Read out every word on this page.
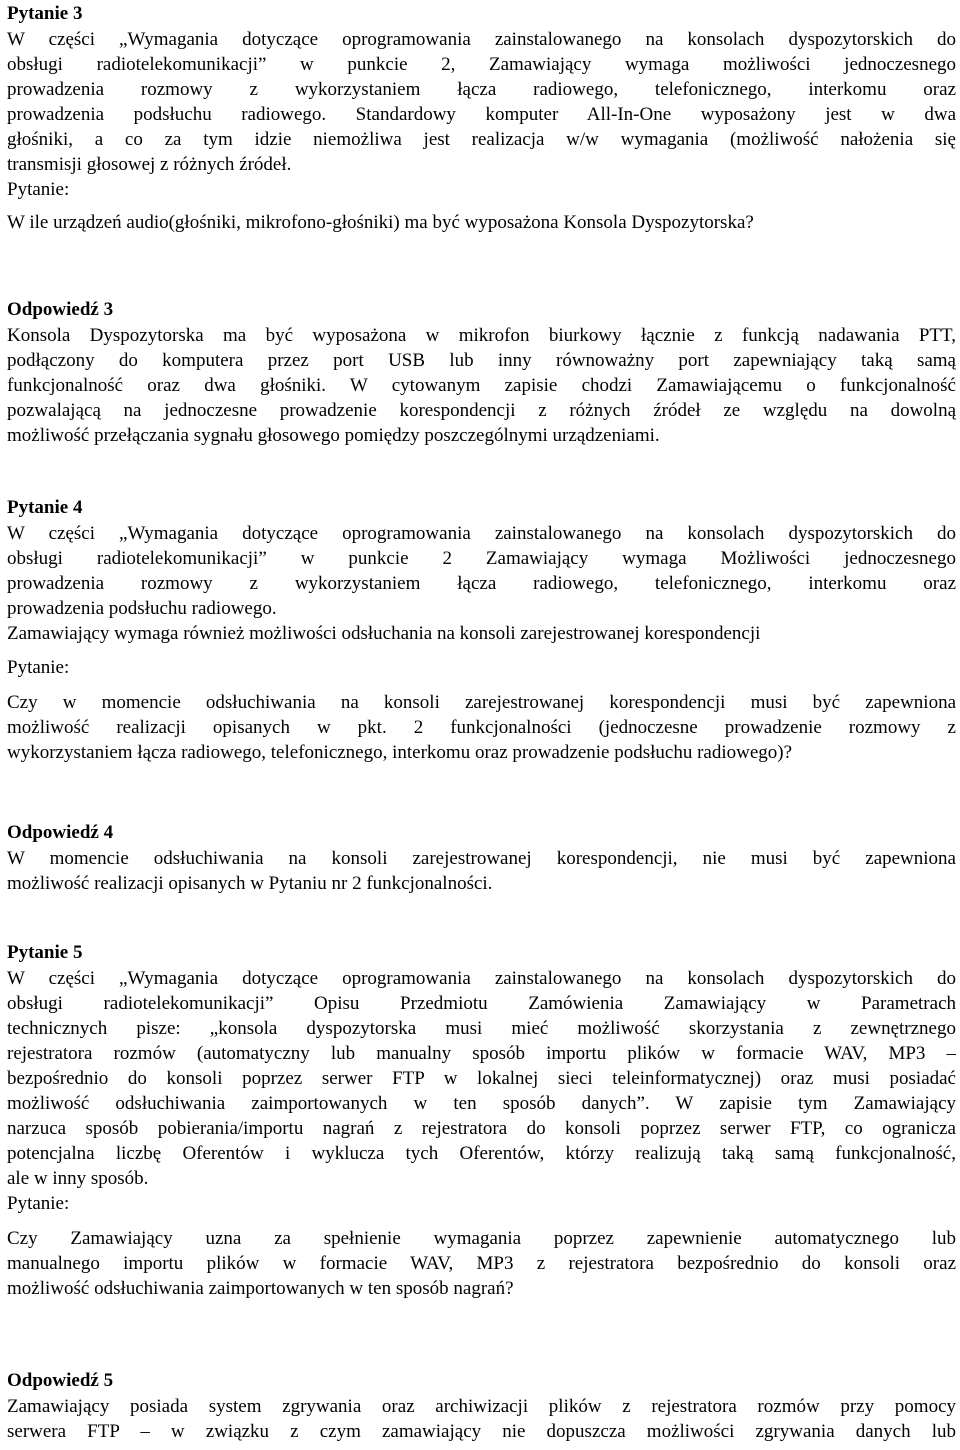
Pytanie 3
W części „Wymagania dotyczące oprogramowania zainstalowanego na konsolach dyspozytorskich do
obsługi radiotelekomunikacji” w punkcie 2, Zamawiający wymaga możliwości jednoczesnego
prowadzenia rozmowy z wykorzystaniem łącza radiowego, telefonicznego, interkomu oraz
prowadzenia podsłuchu radiowego. Standardowy komputer All-In-One wyposażony jest w dwa
głośniki, a co za tym idzie niemożliwa jest realizacja w/w wymagania (możliwość nałożenia się
transmisji głosowej z różnych źródeł.
Pytanie:
W ile urządzeń audio(głośniki, mikrofono-głośniki) ma być wyposażona Konsola Dyspozytorska?
Odpowiedź 3
Konsola Dyspozytorska ma być wyposażona w mikrofon biurkowy łącznie z funkcją nadawania PTT,
podłączony do komputera przez port USB lub inny równoważny port zapewniający taką samą
funkcjonalność oraz dwa głośniki. W cytowanym zapisie chodzi Zamawiającemu o funkcjonalność
pozwalającą na jednoczesne prowadzenie korespondencji z różnych źródeł ze względu na dowolną
możliwość przełączania sygnału głosowego pomiędzy poszczególnymi urządzeniami.
Pytanie 4
W części „Wymagania dotyczące oprogramowania zainstalowanego na konsolach dyspozytorskich do
obsługi radiotelekomunikacji” w punkcie 2 Zamawiający wymaga Możliwości jednoczesnego
prowadzenia rozmowy z wykorzystaniem łącza radiowego, telefonicznego, interkomu oraz
prowadzenia podsłuchu radiowego.
Zamawiający wymaga również możliwości odsłuchania na konsoli zarejestrowanej korespondencji
Pytanie:
Czy w momencie odsłuchiwania na konsoli zarejestrowanej korespondencji musi być zapewniona
możliwość realizacji opisanych w pkt. 2 funkcjonalności (jednoczesne prowadzenie rozmowy z
wykorzystaniem łącza radiowego, telefonicznego, interkomu oraz prowadzenie podsłuchu radiowego)?
Odpowiedź 4
W momencie odsłuchiwania na konsoli zarejestrowanej korespondencji, nie musi być zapewniona
możliwość realizacji opisanych w Pytaniu nr 2 funkcjonalności.
Pytanie 5
W części „Wymagania dotyczące oprogramowania zainstalowanego na konsolach dyspozytorskich do
obsługi radiotelekomunikacji” Opisu Przedmiotu Zamówienia Zamawiający w Parametrach
technicznych pisze: „konsola dyspozytorska musi mieć możliwość skorzystania z zewnętrznego
rejestratora rozmów (automatyczny lub manualny sposób importu plików w formacie WAV, MP3 –
bezpośrednio do konsoli poprzez serwer FTP w lokalnej sieci teleinformatycznej) oraz musi posiadać
możliwość odsłuchiwania zaimportowanych w ten sposób danych”. W zapisie tym Zamawiający
narzuca sposób pobierania/importu nagrań z rejestratora do konsoli poprzez serwer FTP, co ogranicza
potencjalna liczbę Oferentów i wyklucza tych Oferentów, którzy realizują taką samą funkcjonalność,
ale w inny sposób.
Pytanie:
Czy Zamawiający uzna za spełnienie wymagania poprzez zapewnienie automatycznego lub
manualnego importu plików w formacie WAV, MP3 z rejestratora bezpośrednio do konsoli oraz
możliwość odsłuchiwania zaimportowanych w ten sposób nagrań?
Odpowiedź 5
Zamawiający posiada system zgrywania oraz archiwizacji plików z rejestratora rozmów przy pomocy
serwera FTP – w związku z czym zamawiający nie dopuszcza możliwości zgrywania danych lub
